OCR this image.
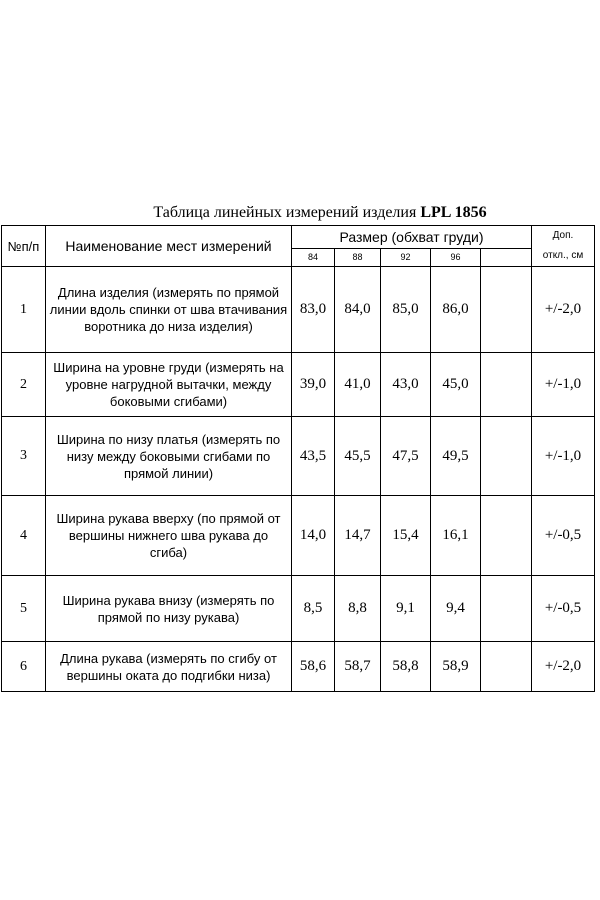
Таблица линейных измерений изделия LPL 1856
№п/п	Наименование мест измерений	Размер (обхват груди)					Доп.
откл., см
		84	88	92	96		
1	Длина изделия (измерять по прямой линии вдоль спинки от шва втачивания воротника до низа изделия)	83,0	84,0	85,0	86,0		+/-2,0
2	Ширина на уровне груди (измерять на уровне нагрудной вытачки, между боковыми сгибами)	39,0	41,0	43,0	45,0		+/-1,0
3	Ширина по низу платья (измерять по низу между боковыми сгибами по прямой линии)	43,5	45,5	47,5	49,5		+/-1,0
4	Ширина рукава вверху (по прямой от вершины нижнего шва рукава до сгиба)	14,0	14,7	15,4	16,1		+/-0,5
5	Ширина рукава внизу (измерять по прямой по низу рукава)	8,5	8,8	9,1	9,4		+/-0,5
6	Длина рукава (измерять по сгибу от вершины оката до подгибки низа)	58,6	58,7	58,8	58,9		+/-2,0
